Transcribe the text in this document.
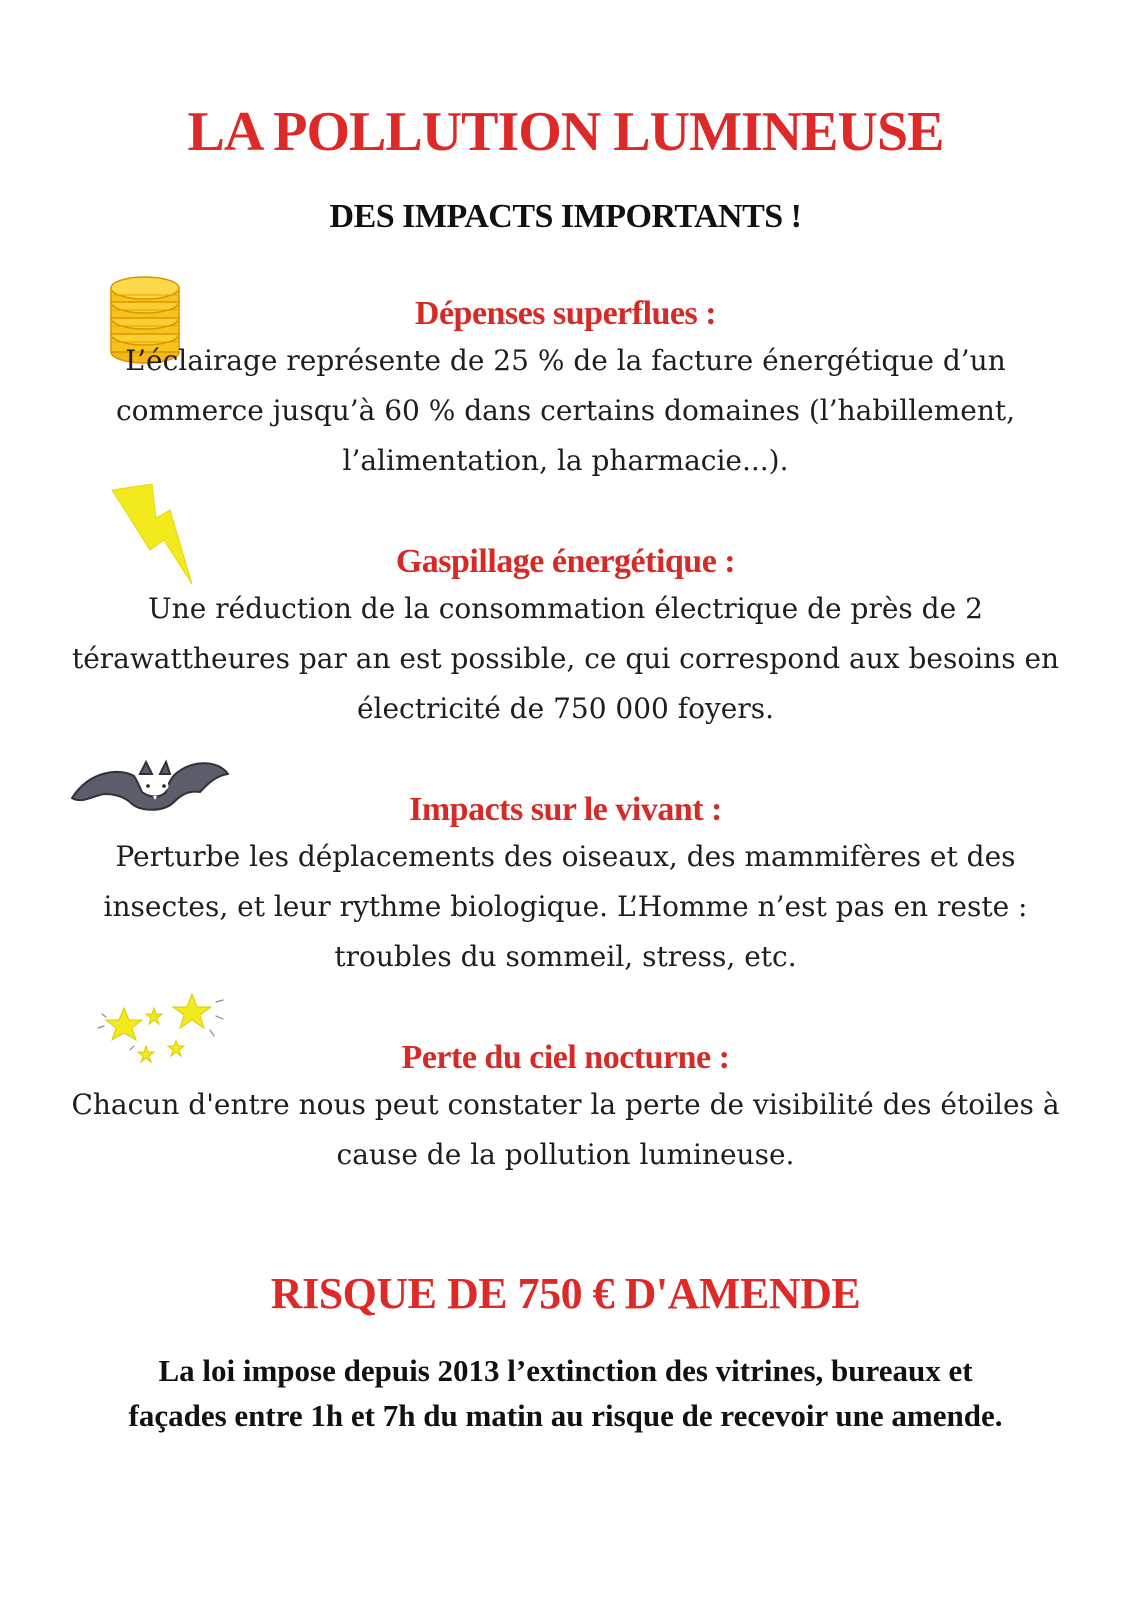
LA POLLUTION LUMINEUSE
DES IMPACTS IMPORTANTS !
Dépenses superflues :
L’éclairage représente de 25 % de la facture énergétique d’un commerce jusqu’à 60 % dans certains domaines (l’habillement, l’alimentation, la pharmacie...).
Gaspillage énergétique :
Une réduction de la consommation électrique de près de 2 térawattheures par an est possible, ce qui correspond aux besoins en électricité de 750 000 foyers.
Impacts sur le vivant :
Perturbe les déplacements des oiseaux, des mammifères et des insectes, et leur rythme biologique. L’Homme n’est pas en reste : troubles du sommeil, stress, etc.
Perte du ciel nocturne :
Chacun d'entre nous peut constater la perte de visibilité des étoiles à cause de la pollution lumineuse.
RISQUE DE 750 € D'AMENDE
La loi impose depuis 2013 l’extinction des vitrines, bureaux et façades entre 1h et 7h du matin au risque de recevoir une amende.
